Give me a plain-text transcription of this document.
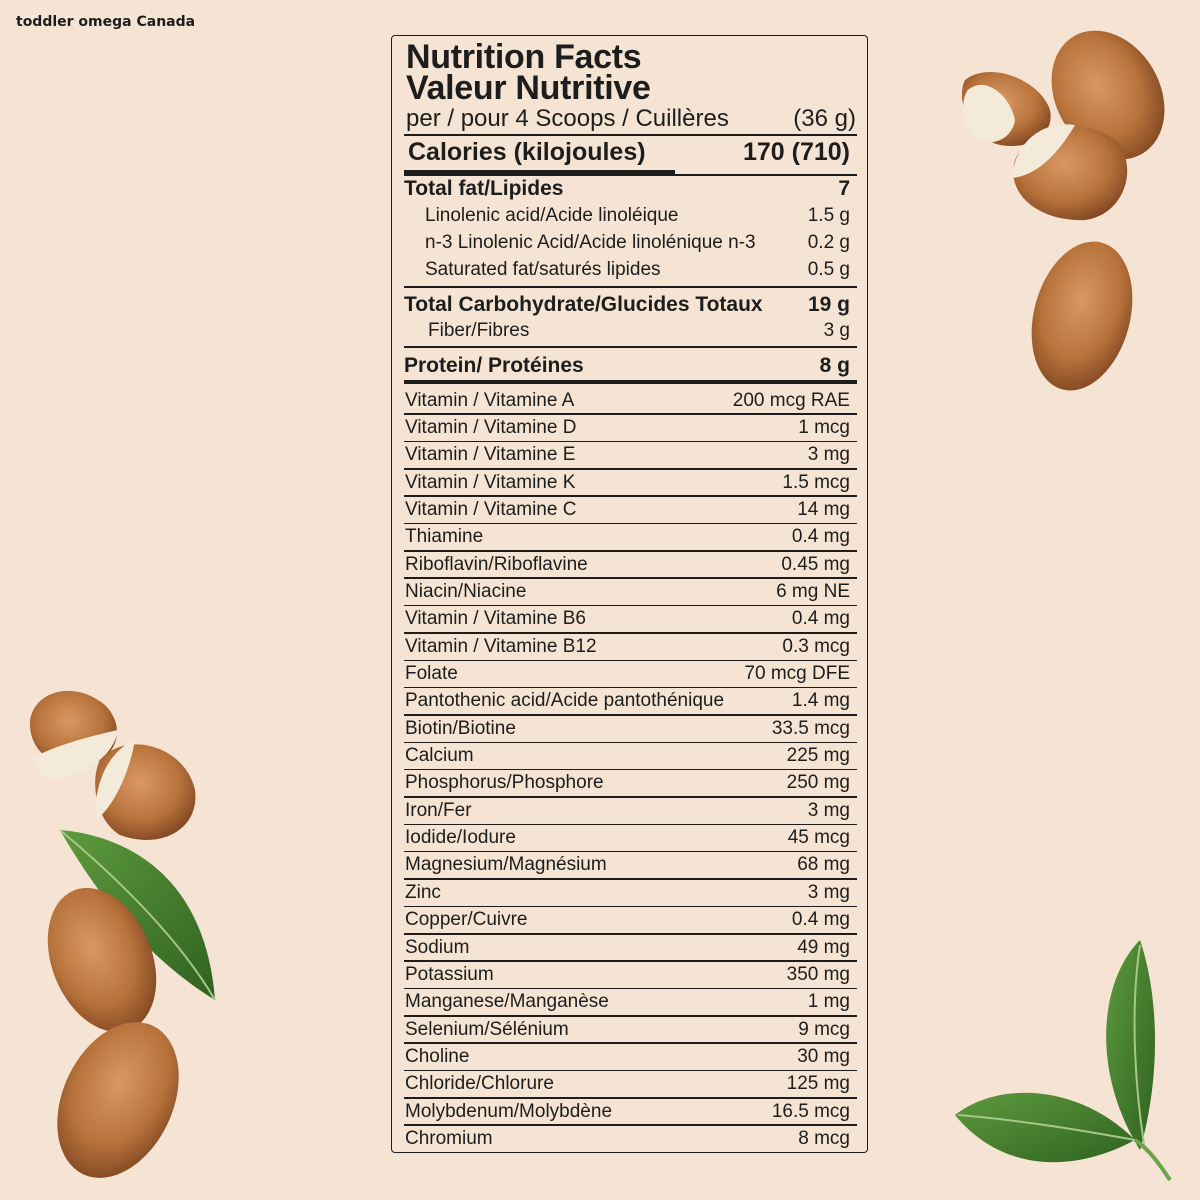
toddler omega Canada
Nutrition Facts
Valeur Nutritive
per / pour 4 Scoops / Cuillères	(36 g)
Calories (kilojoules)	170 (710)
Total fat/Lipides	7
Linolenic acid/Acide linoléique	1.5 g
n-3 Linolenic Acid/Acide linolénique n-3	0.2 g
Saturated fat/saturés lipides	0.5 g
Total Carbohydrate/Glucides Totaux 19 g
Fiber/Fibres	3 g
Protein/ Protéines	8 g
Vitamin / Vitamine A	200 mcg RAE
Vitamin / Vitamine D	1 mcg
Vitamin / Vitamine E	3 mg
Vitamin / Vitamine K	1.5 mcg
Vitamin / Vitamine C	14 mg
Thiamine	0.4 mg
Riboflavin/Riboflavine	0.45 mg
Niacin/Niacine	6 mg NE
Vitamin / Vitamine B6	0.4 mg
Vitamin / Vitamine B12	0.3 mcg
Folate	70 mcg DFE
Pantothenic acid/Acide pantothénique	1.4 mg
Biotin/Biotine	33.5 mcg
Calcium	225 mg
Phosphorus/Phosphore	250 mg
Iron/Fer	3 mg
Iodide/Iodure	45 mcg
Magnesium/Magnésium	68 mg
Zinc	3 mg
Copper/Cuivre	0.4 mg
Sodium	49 mg
Potassium	350 mg
Manganese/Manganèse	1 mg
Selenium/Sélénium	9 mcg
Choline	30 mg
Chloride/Chlorure	125 mg
Molybdenum/Molybdène	16.5 mcg
Chromium	8 mcg
